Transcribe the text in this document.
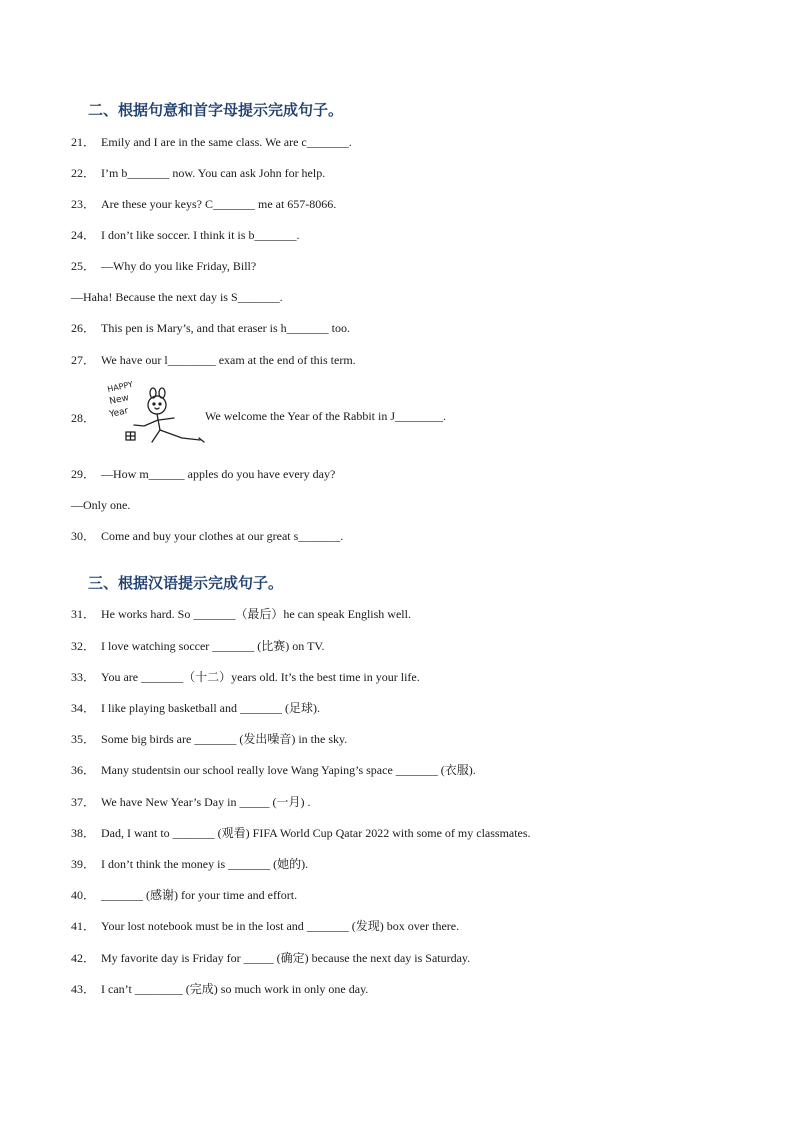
二、根据句意和首字母提示完成句子。
21． Emily and I are in the same class. We are c_______.
22． I’m b_______ now. You can ask John for help.
23． Are these your keys? C_______ me at 657-8066.
24． I don’t like soccer. I think it is b_______.
25． —Why do you like Friday, Bill?
—Haha! Because the next day is S_______.
26． This pen is Mary’s, and that eraser is h_______ too.
27． We have our l________ exam at the end of this term.
28．
HAPPY
New
Year	We welcome the Year of the Rabbit in J________.
29． —How m______ apples do you have every day?
—Only one.
30． Come and buy your clothes at our great s_______.
三、根据汉语提示完成句子。
31． He works hard. So _______（最后）he can speak English well.
32． I love watching soccer _______ (比赛) on TV.
33． You are _______（十二）years old. It’s the best time in your life.
34． I like playing basketball and _______ (足球).
35． Some big birds are _______ (发出噪音) in the sky.
36． Many studentsin our school really love Wang Yaping’s space _______ (衣服).
37． We have New Year’s Day in _____ (一月) .
38． Dad, I want to _______ (观看) FIFA World Cup Qatar 2022 with some of my classmates.
39． I don’t think the money is _______ (她的).
40． _______ (感谢) for your time and effort.
41． Your lost notebook must be in the lost and _______ (发现) box over there.
42． My favorite day is Friday for _____ (确定) because the next day is Saturday.
43． I can’t ________ (完成) so much work in only one day.
